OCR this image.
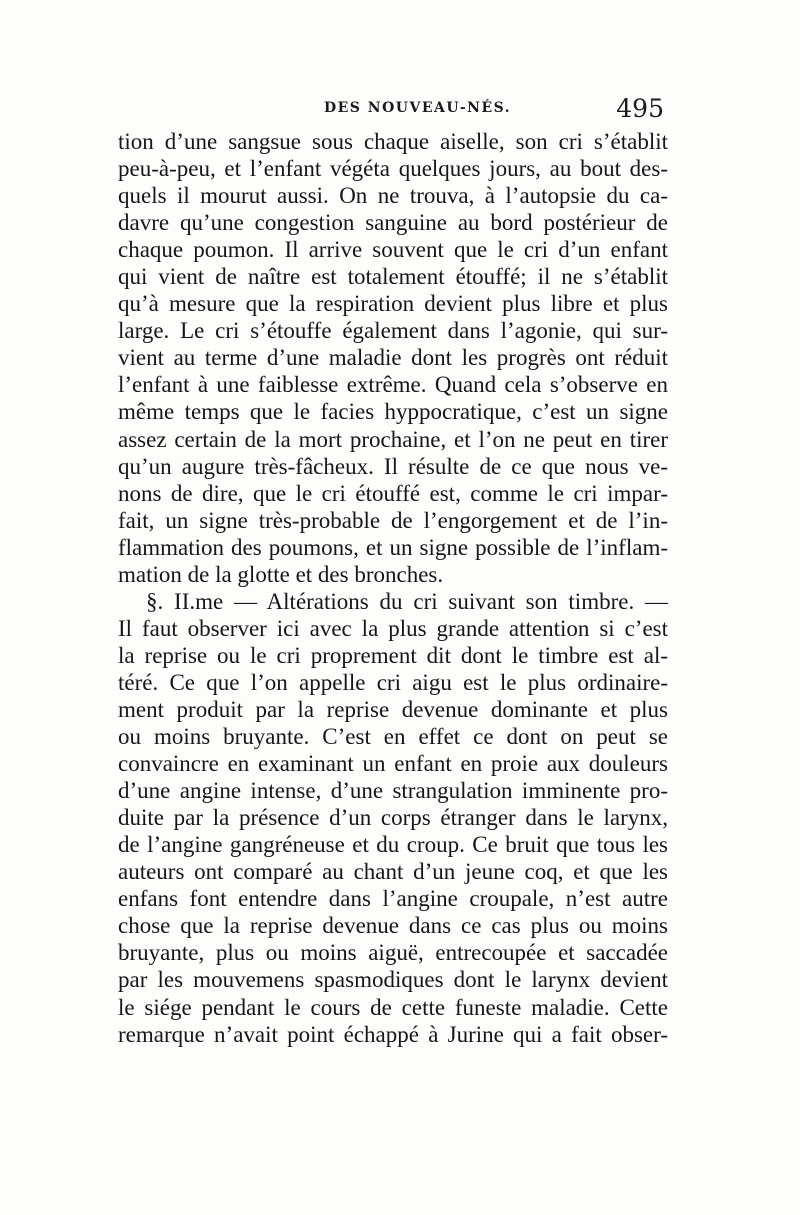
DES NOUVEAU-NÉS.	495
tion d’une sangsue sous chaque aiselle, son cri s’établit
peu-à-peu, et l’enfant végéta quelques jours, au bout des-
quels il mourut aussi. On ne trouva, à l’autopsie du ca-
davre qu’une congestion sanguine au bord postérieur de
chaque poumon. Il arrive souvent que le cri d’un enfant
qui vient de naître est totalement étouffé; il ne s’établit
qu’à mesure que la respiration devient plus libre et plus
large. Le cri s’étouffe également dans l’agonie, qui sur-
vient au terme d’une maladie dont les progrès ont réduit
l’enfant à une faiblesse extrême. Quand cela s’observe en
même temps que le facies hyppocratique, c’est un signe
assez certain de la mort prochaine, et l’on ne peut en tirer
qu’un augure très-fâcheux. Il résulte de ce que nous ve-
nons de dire, que le cri étouffé est, comme le cri impar-
fait, un signe très-probable de l’engorgement et de l’in-
flammation des poumons, et un signe possible de l’inflam-
mation de la glotte et des bronches.
§. II.me — Altérations du cri suivant son timbre. —
Il faut observer ici avec la plus grande attention si c’est
la reprise ou le cri proprement dit dont le timbre est al-
téré. Ce que l’on appelle cri aigu est le plus ordinaire-
ment produit par la reprise devenue dominante et plus
ou moins bruyante. C’est en effet ce dont on peut se
convaincre en examinant un enfant en proie aux douleurs
d’une angine intense, d’une strangulation imminente pro-
duite par la présence d’un corps étranger dans le larynx,
de l’angine gangréneuse et du croup. Ce bruit que tous les
auteurs ont comparé au chant d’un jeune coq, et que les
enfans font entendre dans l’angine croupale, n’est autre
chose que la reprise devenue dans ce cas plus ou moins
bruyante, plus ou moins aiguë, entrecoupée et saccadée
par les mouvemens spasmodiques dont le larynx devient
le siége pendant le cours de cette funeste maladie. Cette
remarque n’avait point échappé à Jurine qui a fait obser-
